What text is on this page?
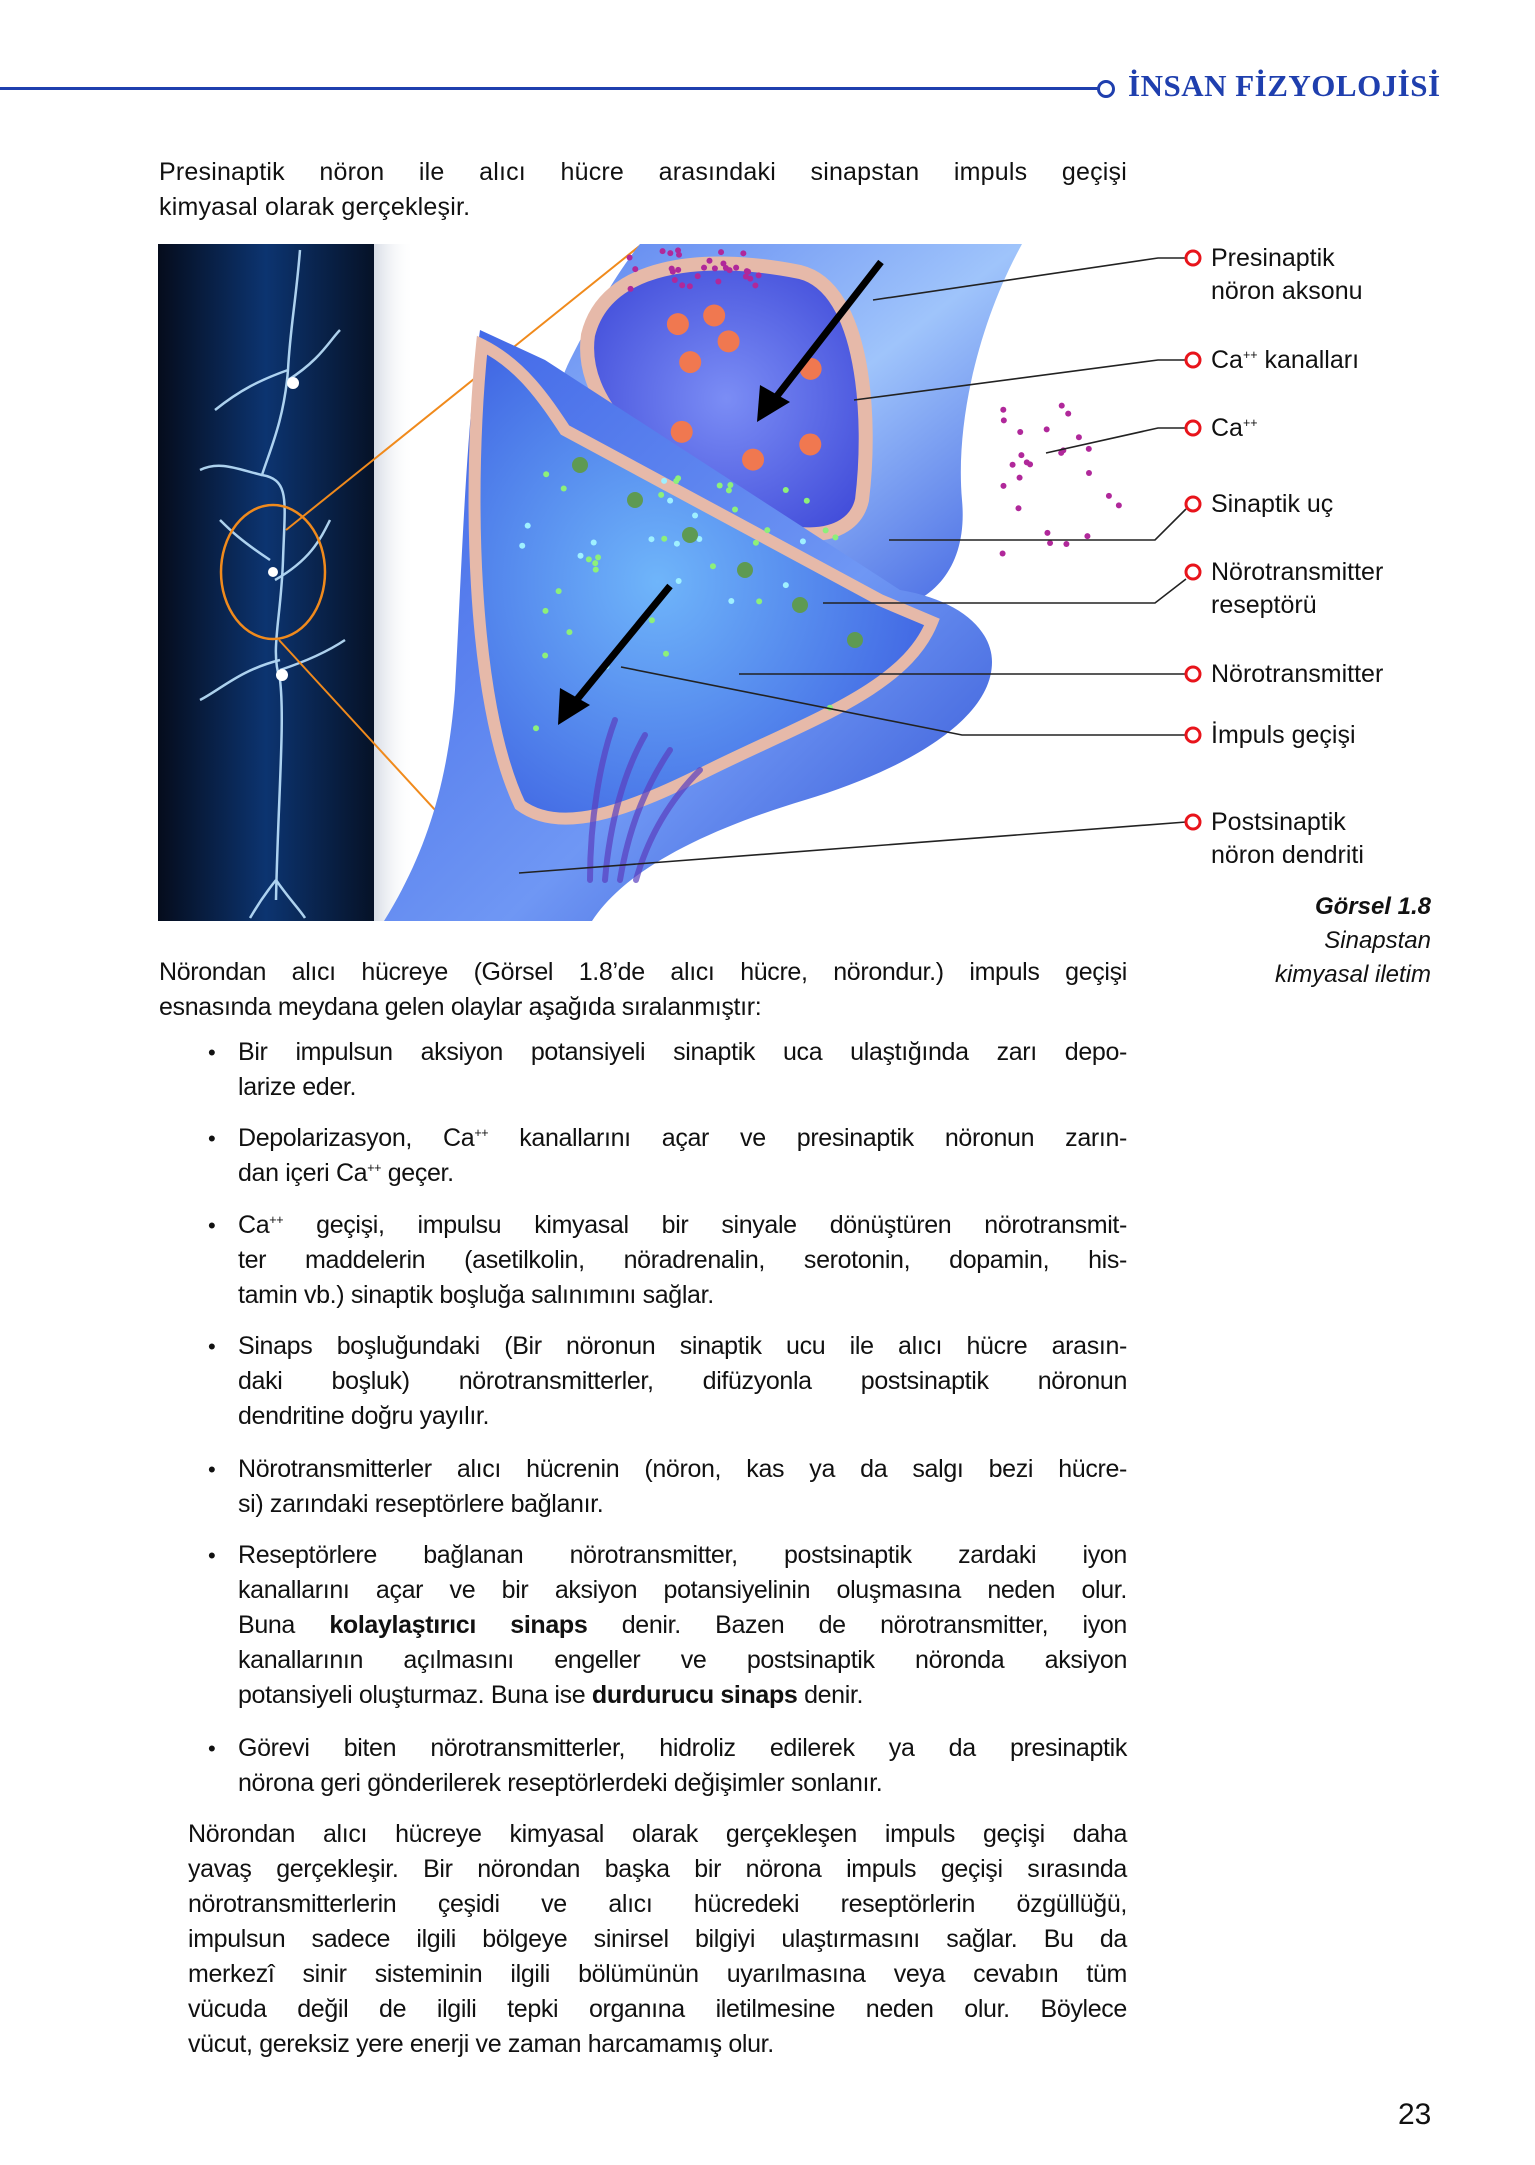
İNSAN FİZYOLOJİSİ
Presinaptik nöron ile alıcı hücre arasındaki sinapstan impuls geçişi
kimyasal olarak gerçekleşir.
Presinaptik
nöron aksonu
Ca++ kanalları
Ca++
Sinaptik uç
Nörotransmitter
reseptörü
Nörotransmitter
İmpuls geçişi
Postsinaptik
nöron dendriti
Görsel 1.8
Sinapstan
kimyasal iletim
Nörondan alıcı hücreye (Görsel 1.8’de alıcı hücre, nörondur.) impuls geçişi
esnasında meydana gelen olaylar aşağıda sıralanmıştır:
• Bir impulsun aksiyon potansiyeli sinaptik uca ulaştığında zarı depo-
larize eder.
• Depolarizasyon, Ca++ kanallarını açar ve presinaptik nöronun zarın-
dan içeri Ca++ geçer.
• Ca++ geçişi, impulsu kimyasal bir sinyale dönüştüren nörotransmit-
ter maddelerin (asetilkolin, nöradrenalin, serotonin, dopamin, his-
tamin vb.) sinaptik boşluğa salınımını sağlar.
• Sinaps boşluğundaki (Bir nöronun sinaptik ucu ile alıcı hücre arasın-
daki boşluk) nörotransmitterler, difüzyonla postsinaptik nöronun
dendritine doğru yayılır.
• Nörotransmitterler alıcı hücrenin (nöron, kas ya da salgı bezi hücre-
si) zarındaki reseptörlere bağlanır.
• Reseptörlere bağlanan nörotransmitter, postsinaptik zardaki iyon
kanallarını açar ve bir aksiyon potansiyelinin oluşmasına neden olur.
Buna kolaylaştırıcı sinaps denir. Bazen de nörotransmitter, iyon
kanallarının açılmasını engeller ve postsinaptik nöronda aksiyon
potansiyeli oluşturmaz. Buna ise durdurucu sinaps denir.
• Görevi biten nörotransmitterler, hidroliz edilerek ya da presinaptik
nörona geri gönderilerek reseptörlerdeki değişimler sonlanır.
Nörondan alıcı hücreye kimyasal olarak gerçekleşen impuls geçişi daha
yavaş gerçekleşir. Bir nörondan başka bir nörona impuls geçişi sırasında
nörotransmitterlerin çeşidi ve alıcı hücredeki reseptörlerin özgüllüğü,
impulsun sadece ilgili bölgeye sinirsel bilgiyi ulaştırmasını sağlar. Bu da
merkezî sinir sisteminin ilgili bölümünün uyarılmasına veya cevabın tüm
vücuda değil de ilgili tepki organına iletilmesine neden olur. Böylece
vücut, gereksiz yere enerji ve zaman harcamamış olur.
23
